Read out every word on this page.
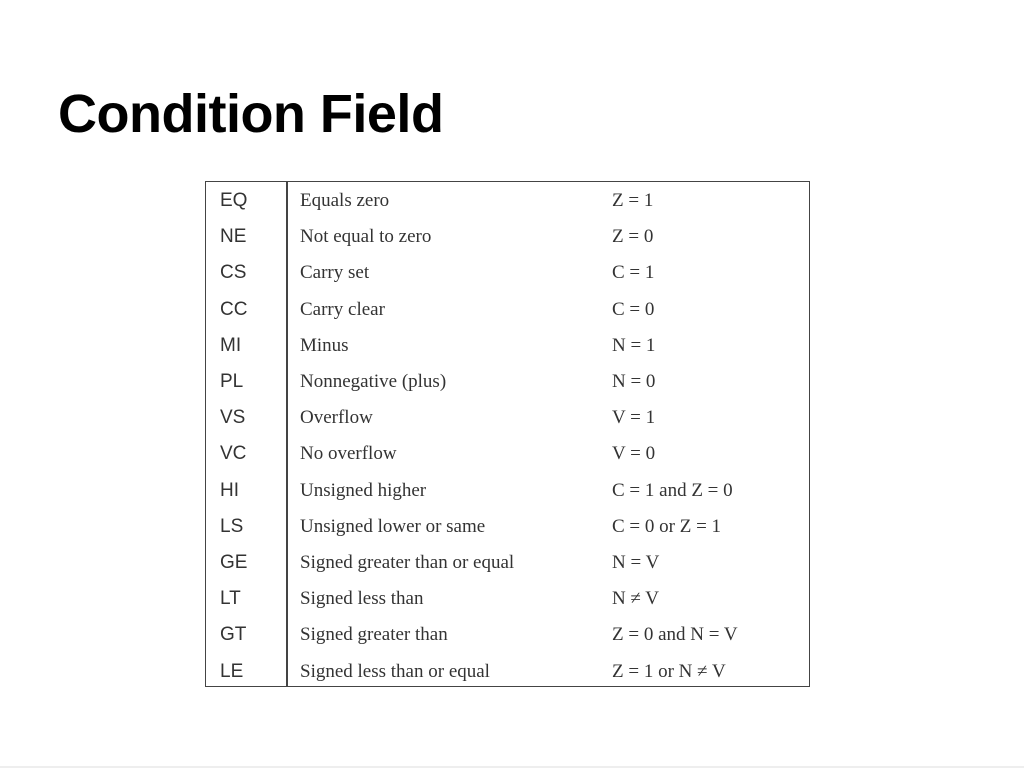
Condition Field
EQ	Equals zero	Z = 1
NE	Not equal to zero	Z = 0
CS	Carry set	C = 1
CC	Carry clear	C = 0
MI	Minus	N = 1
PL	Nonnegative (plus)	N = 0
VS	Overflow	V = 1
VC	No overflow	V = 0
HI	Unsigned higher	C = 1 and Z = 0
LS	Unsigned lower or same	C = 0 or Z = 1
GE	Signed greater than or equal	N = V
LT	Signed less than	N ≠ V
GT	Signed greater than	Z = 0 and N = V
LE	Signed less than or equal	Z = 1 or N ≠ V
